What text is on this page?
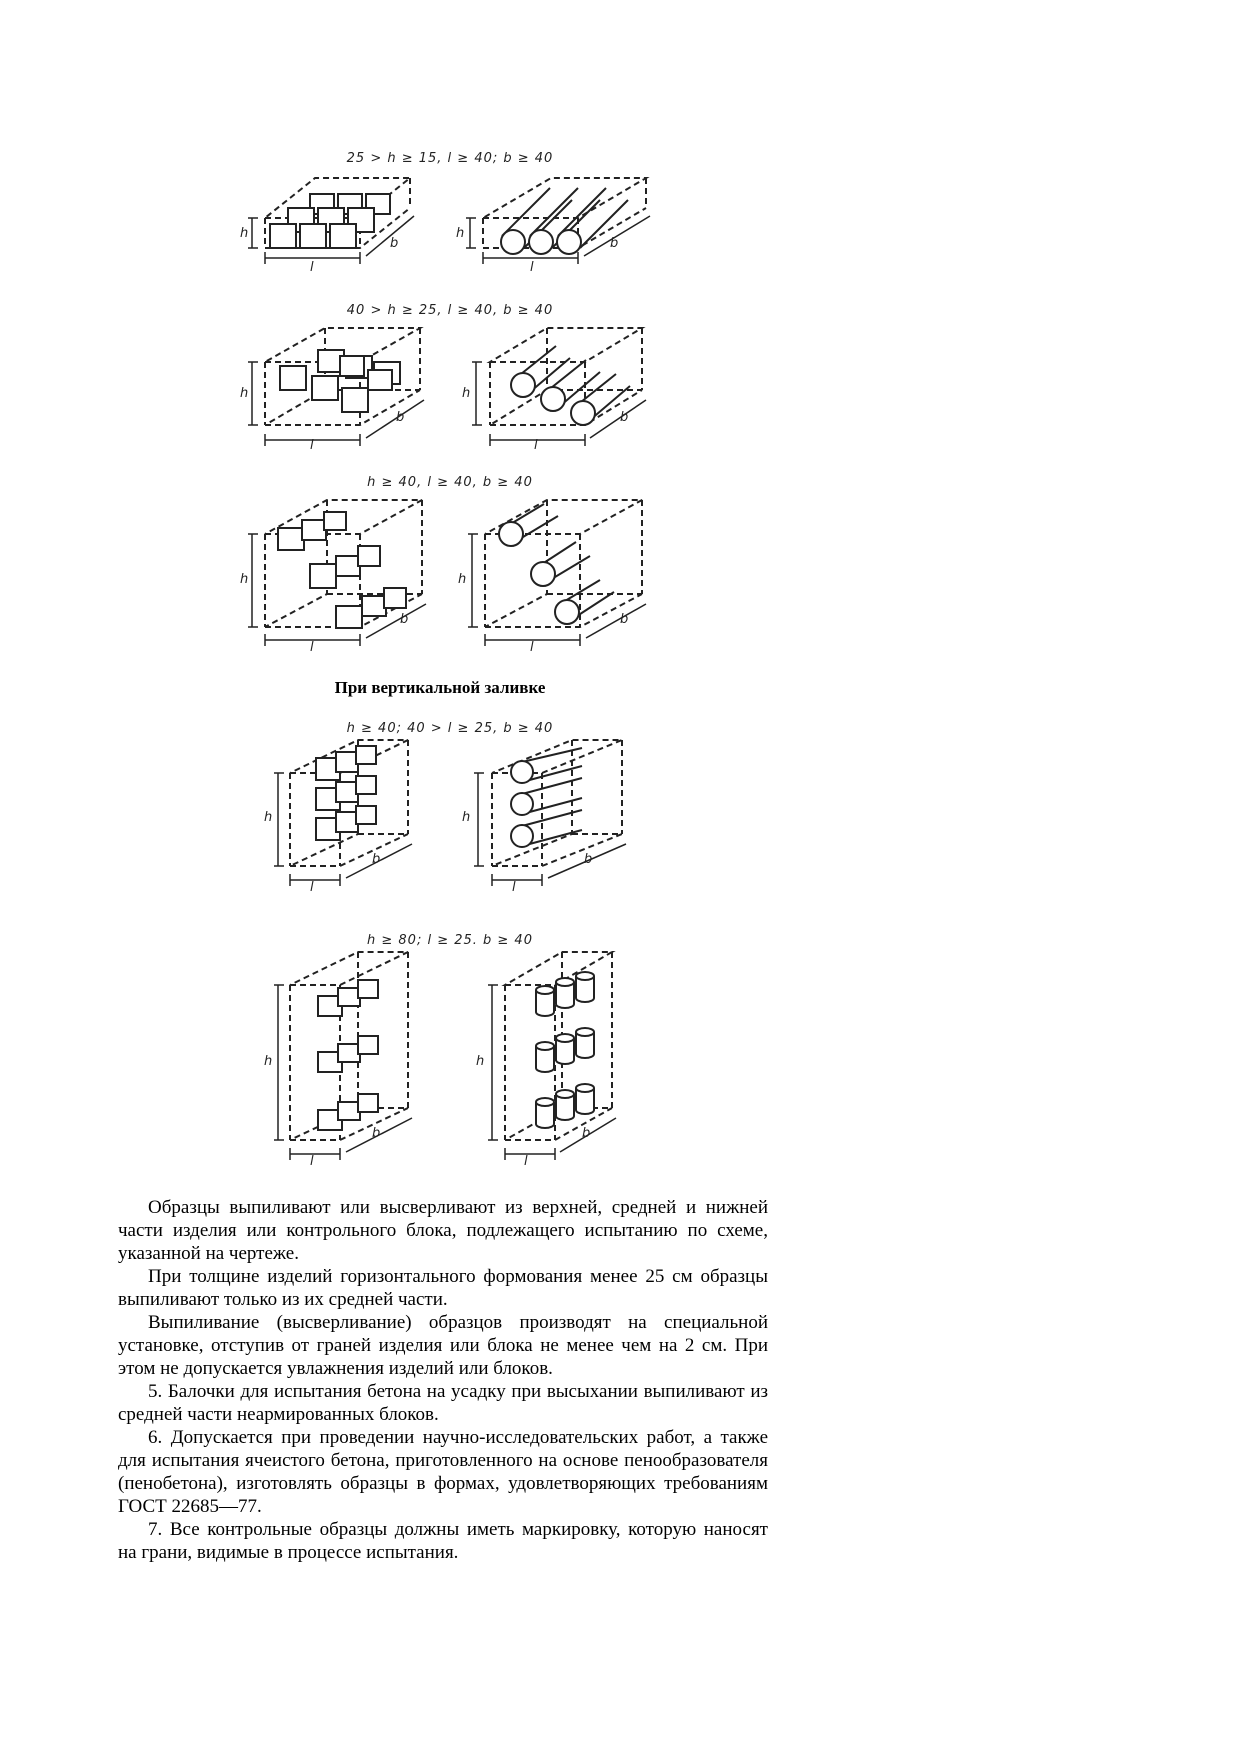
25 > h ≥ 15, l ≥ 40; b ≥ 40
h
l
b
h
l
b
40 > h ≥ 25, l ≥ 40, b ≥ 40
h
l
b
h
l
b
h ≥ 40, l ≥ 40, b ≥ 40
h
l
b
h
l
b
При вертикальной заливке
h ≥ 40; 40 > l ≥ 25, b ≥ 40
h
l
b
h
l
b
h ≥ 80; l ≥ 25. b ≥ 40
h
l
b
h
l
b

Образцы выпиливают или высверливают из верхней, средней и нижней части изделия или контрольного блока, подлежащего испытанию по схеме, указанной на чертеже.

При толщине изделий горизонтального формования менее 25 см образцы выпиливают только из их средней части.

Выпиливание (высверливание) образцов производят на специальной установке, отступив от граней изделия или блока не менее чем на 2 см. При этом не допускается увлажнения изделий или блоков.

5. Балочки для испытания бетона на усадку при высыхании выпиливают из средней части неармированных блоков.

6. Допускается при проведении научно-исследовательских работ, а также для испытания ячеистого бетона, приготовленного на основе пенообразователя (пенобетона), изготовлять образцы в формах, удовлетворяющих требованиям ГОСТ 22685—77.

7. Все контрольные образцы должны иметь маркировку, которую наносят на грани, видимые в процессе испытания.
